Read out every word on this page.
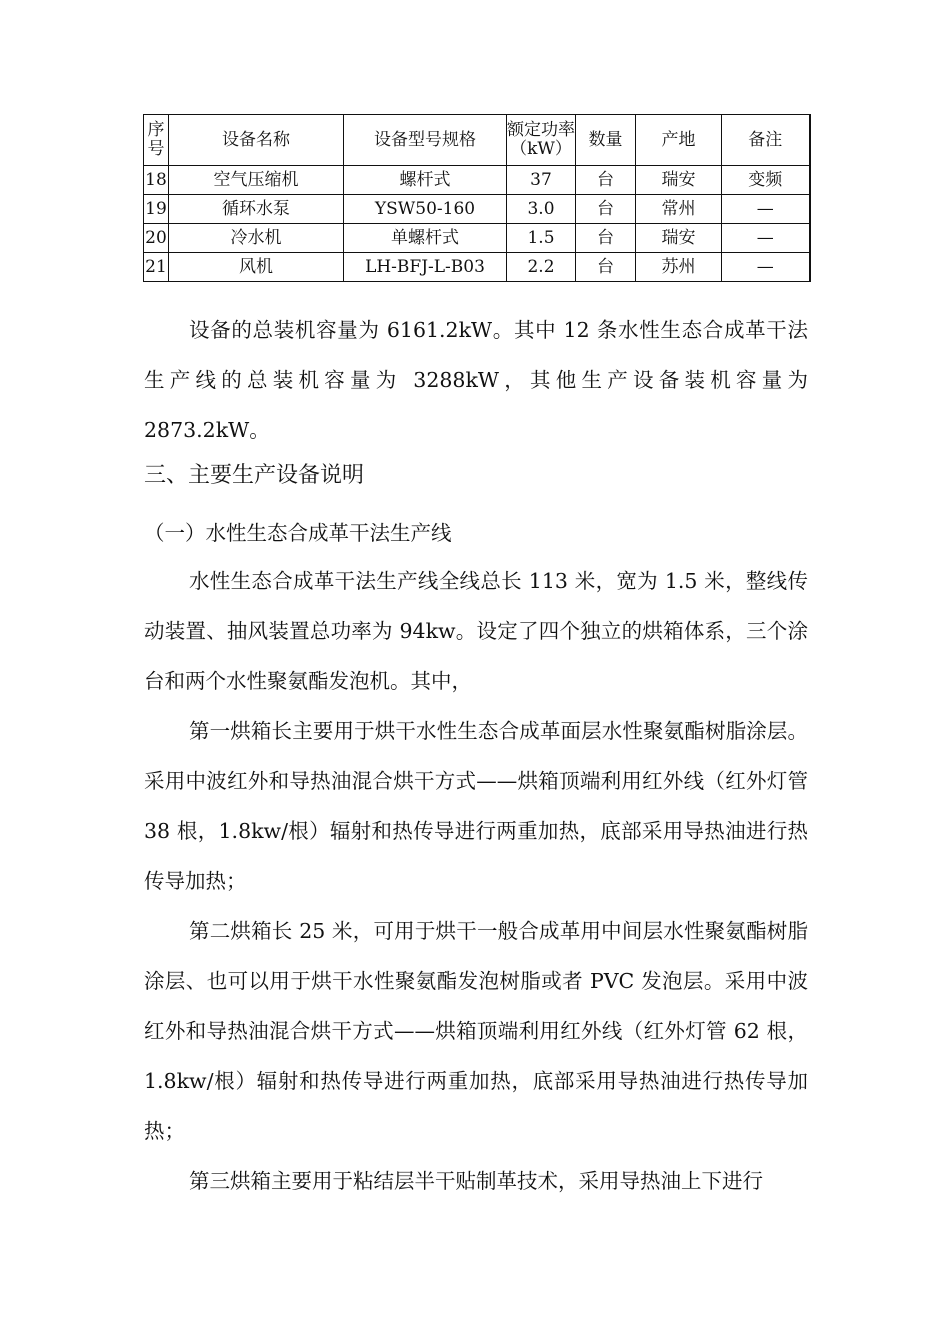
序号	设备名称	设备型号规格	额定功率（kW）	数量	产地	备注
18	空气压缩机	螺杆式	37	台	瑞安	变频
19	循环水泵	YSW50-160	3.0	台	常州	—
20	冷水机	单螺杆式	1.5	台	瑞安	—
21	风机	LH-BFJ-L-B03	2.2	台	苏州	—

设备的总装机容量为 6161.2kW。其中 12 条水性生态合成革干法生产线的总装机容量为 3288kW，其他生产设备装机容量为 2873.2kW。

三、主要生产设备说明
（一）水性生态合成革干法生产线

水性生态合成革干法生产线全线总长 113 米，宽为 1.5 米，整线传动装置、抽风装置总功率为 94kw。设定了四个独立的烘箱体系，三个涂台和两个水性聚氨酯发泡机。其中，

第一烘箱长主要用于烘干水性生态合成革面层水性聚氨酯树脂涂层。采用中波红外和导热油混合烘干方式——烘箱顶端利用红外线（红外灯管 38 根，1.8kw/根）辐射和热传导进行两重加热，底部采用导热油进行热传导加热；

第二烘箱长 25 米，可用于烘干一般合成革用中间层水性聚氨酯树脂涂层、也可以用于烘干水性聚氨酯发泡树脂或者 PVC 发泡层。采用中波红外和导热油混合烘干方式——烘箱顶端利用红外线（红外灯管 62 根，1.8kw/根）辐射和热传导进行两重加热，底部采用导热油进行热传导加热；

第三烘箱主要用于粘结层半干贴制革技术，采用导热油上下进行
